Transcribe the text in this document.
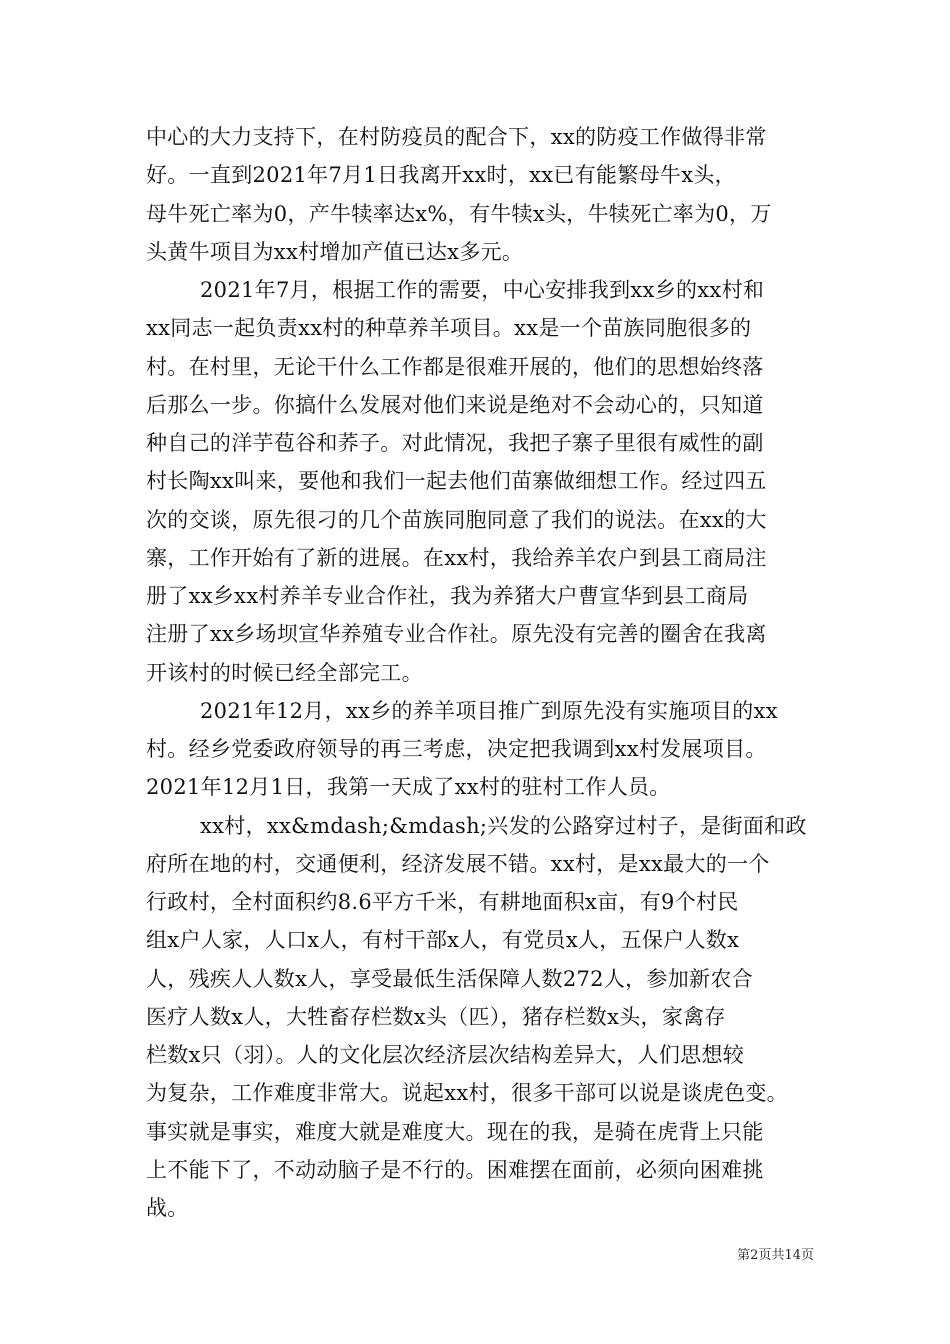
中心的大力支持下，在村防疫员的配合下，xx的防疫工作做得非常
好。一直到2021年7月1日我离开xx时，xx已有能繁母牛x头，
母牛死亡率为0，产牛犊率达x%，有牛犊x头，牛犊死亡率为0，万
头黄牛项目为xx村增加产值已达x多元。
2021年7月，根据工作的需要，中心安排我到xx乡的xx村和
xx同志一起负责xx村的种草养羊项目。xx是一个苗族同胞很多的
村。在村里，无论干什么工作都是很难开展的，他们的思想始终落
后那么一步。你搞什么发展对他们来说是绝对不会动心的，只知道
种自己的洋芋苞谷和荞子。对此情况，我把子寨子里很有威性的副
村长陶xx叫来，要他和我们一起去他们苗寨做细想工作。经过四五
次的交谈，原先很刁的几个苗族同胞同意了我们的说法。在xx的大
寨，工作开始有了新的进展。在xx村，我给养羊农户到县工商局注
册了xx乡xx村养羊专业合作社，我为养猪大户曹宣华到县工商局
注册了xx乡场坝宣华养殖专业合作社。原先没有完善的圈舍在我离
开该村的时候已经全部完工。
2021年12月，xx乡的养羊项目推广到原先没有实施项目的xx
村。经乡党委政府领导的再三考虑，决定把我调到xx村发展项目。
2021年12月1日，我第一天成了xx村的驻村工作人员。
xx村，xx&mdash;&mdash;兴发的公路穿过村子，是街面和政
府所在地的村，交通便利，经济发展不错。xx村，是xx最大的一个
行政村，全村面积约8.6平方千米，有耕地面积x亩，有9个村民
组x户人家，人口x人，有村干部x人，有党员x人，五保户人数x
人，残疾人人数x人，享受最低生活保障人数272人，参加新农合
医疗人数x人，大牲畜存栏数x头（匹），猪存栏数x头，家禽存
栏数x只（羽）。人的文化层次经济层次结构差异大，人们思想较
为复杂，工作难度非常大。说起xx村，很多干部可以说是谈虎色变。
事实就是事实，难度大就是难度大。现在的我，是骑在虎背上只能
上不能下了，不动动脑子是不行的。困难摆在面前，必须向困难挑
战。
第2页共14页
